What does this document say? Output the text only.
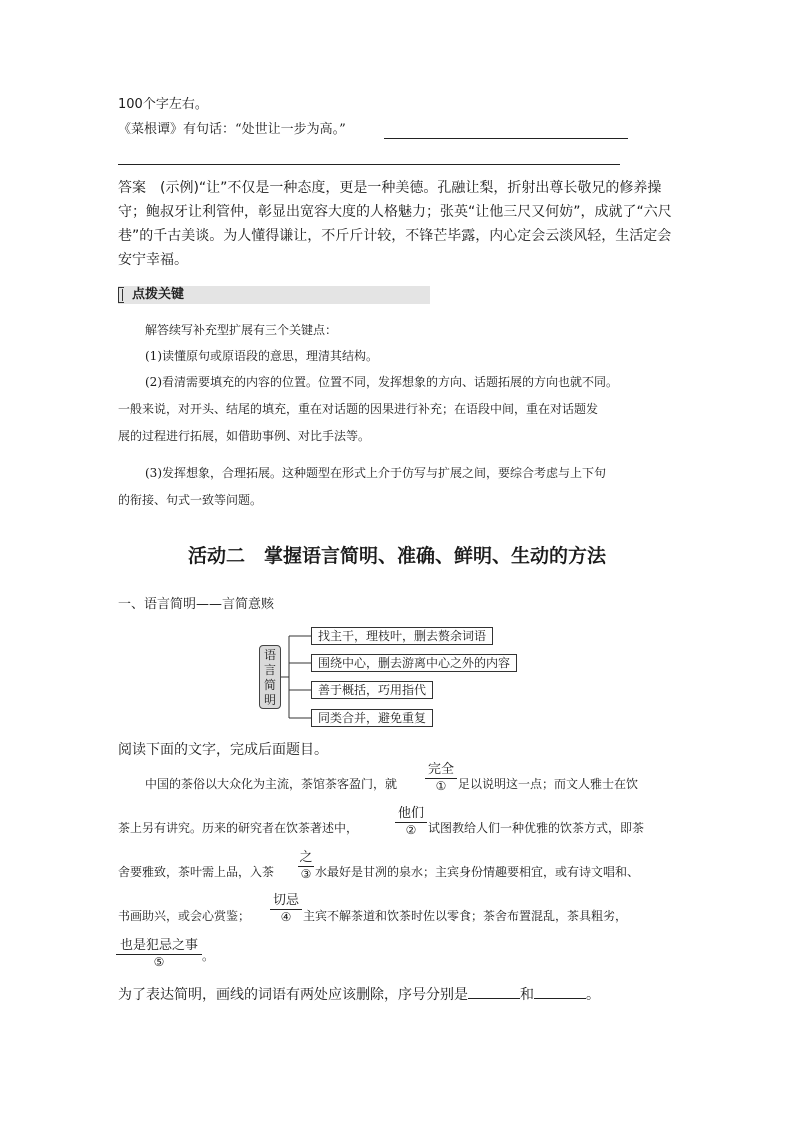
100个字左右。
《菜根谭》有句话：“处世让一步为高。”
答案　(示例)“让”不仅是一种态度，更是一种美德。孔融让梨，折射出尊长敬兄的修养操
守；鲍叔牙让利管仲，彰显出宽容大度的人格魅力；张英“让他三尺又何妨”，成就了“六尺
巷”的千古美谈。为人懂得谦让，不斤斤计较，不锋芒毕露，内心定会云淡风轻，生活定会
安宁幸福。
点拨关键
解答续写补充型扩展有三个关键点：
(1)读懂原句或原语段的意思，理清其结构。
(2)看清需要填充的内容的位置。位置不同，发挥想象的方向、话题拓展的方向也就不同。
一般来说，对开头、结尾的填充，重在对话题的因果进行补充；在语段中间，重在对话题发
展的过程进行拓展，如借助事例、对比手法等。
(3)发挥想象，合理拓展。这种题型在形式上介于仿写与扩展之间，要综合考虑与上下句
的衔接、句式一致等问题。
活动二　掌握语言简明、准确、鲜明、生动的方法
一、语言简明——言简意赅
语
言
简
明
找主干，理枝叶，删去赘余词语
围绕中心，删去游离中心之外的内容
善于概括，巧用指代
同类合并，避免重复
阅读下面的文字，完成后面题目。
中国的茶俗以大众化为主流，茶馆茶客盈门，就
完全
① 足以说明这一点；而文人雅士在饮
茶上另有讲究。历来的研究者在饮茶著述中，
他们
② 试图教给人们一种优雅的饮茶方式，即茶
舍要雅致，茶叶需上品，入茶
之
③ 水最好是甘冽的泉水；主宾身份情趣要相宜，或有诗文唱和、
书画助兴，或会心赏鉴；
切忌
④ 主宾不解茶道和饮茶时佐以零食；茶舍布置混乱，茶具粗劣，
也是犯忌之事
⑤	。
为了表达简明，画线的词语有两处应该删除，序号分别是	和	。
